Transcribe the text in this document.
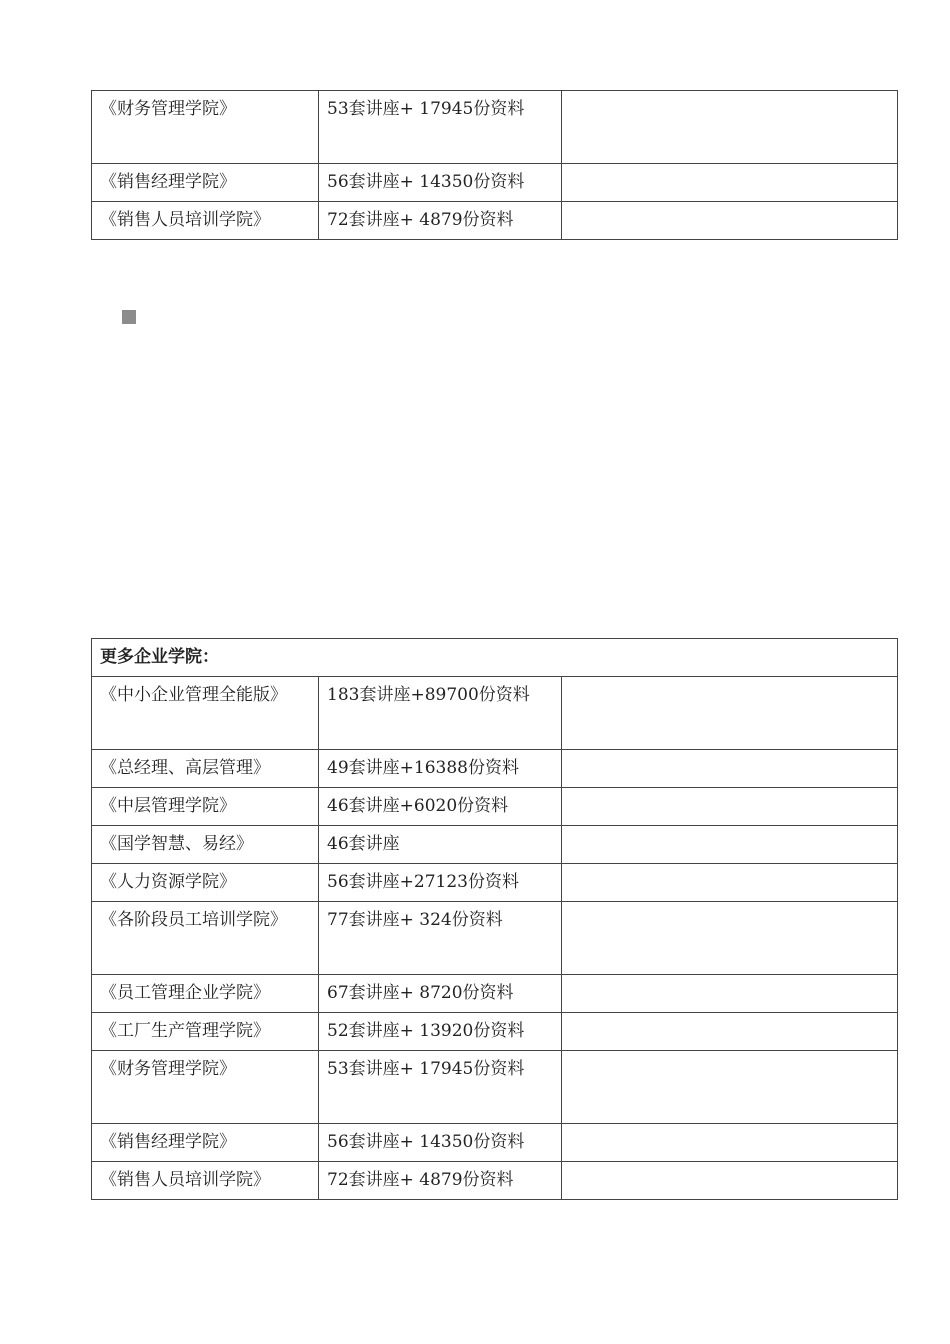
《财务管理学院》	53套讲座+ 17945份资料	
《销售经理学院》	56套讲座+ 14350份资料	
《销售人员培训学院》	72套讲座+ 4879份资料	
更多企业学院：		
《中小企业管理全能版》	183套讲座+89700份资料	
《总经理、高层管理》	49套讲座+16388份资料	
《中层管理学院》	46套讲座+6020份资料	
《国学智慧、易经》	46套讲座	
《人力资源学院》	56套讲座+27123份资料	
《各阶段员工培训学院》	77套讲座+ 324份资料	
《员工管理企业学院》	67套讲座+ 8720份资料	
《工厂生产管理学院》	52套讲座+ 13920份资料	
《财务管理学院》	53套讲座+ 17945份资料	
《销售经理学院》	56套讲座+ 14350份资料	
《销售人员培训学院》	72套讲座+ 4879份资料	
